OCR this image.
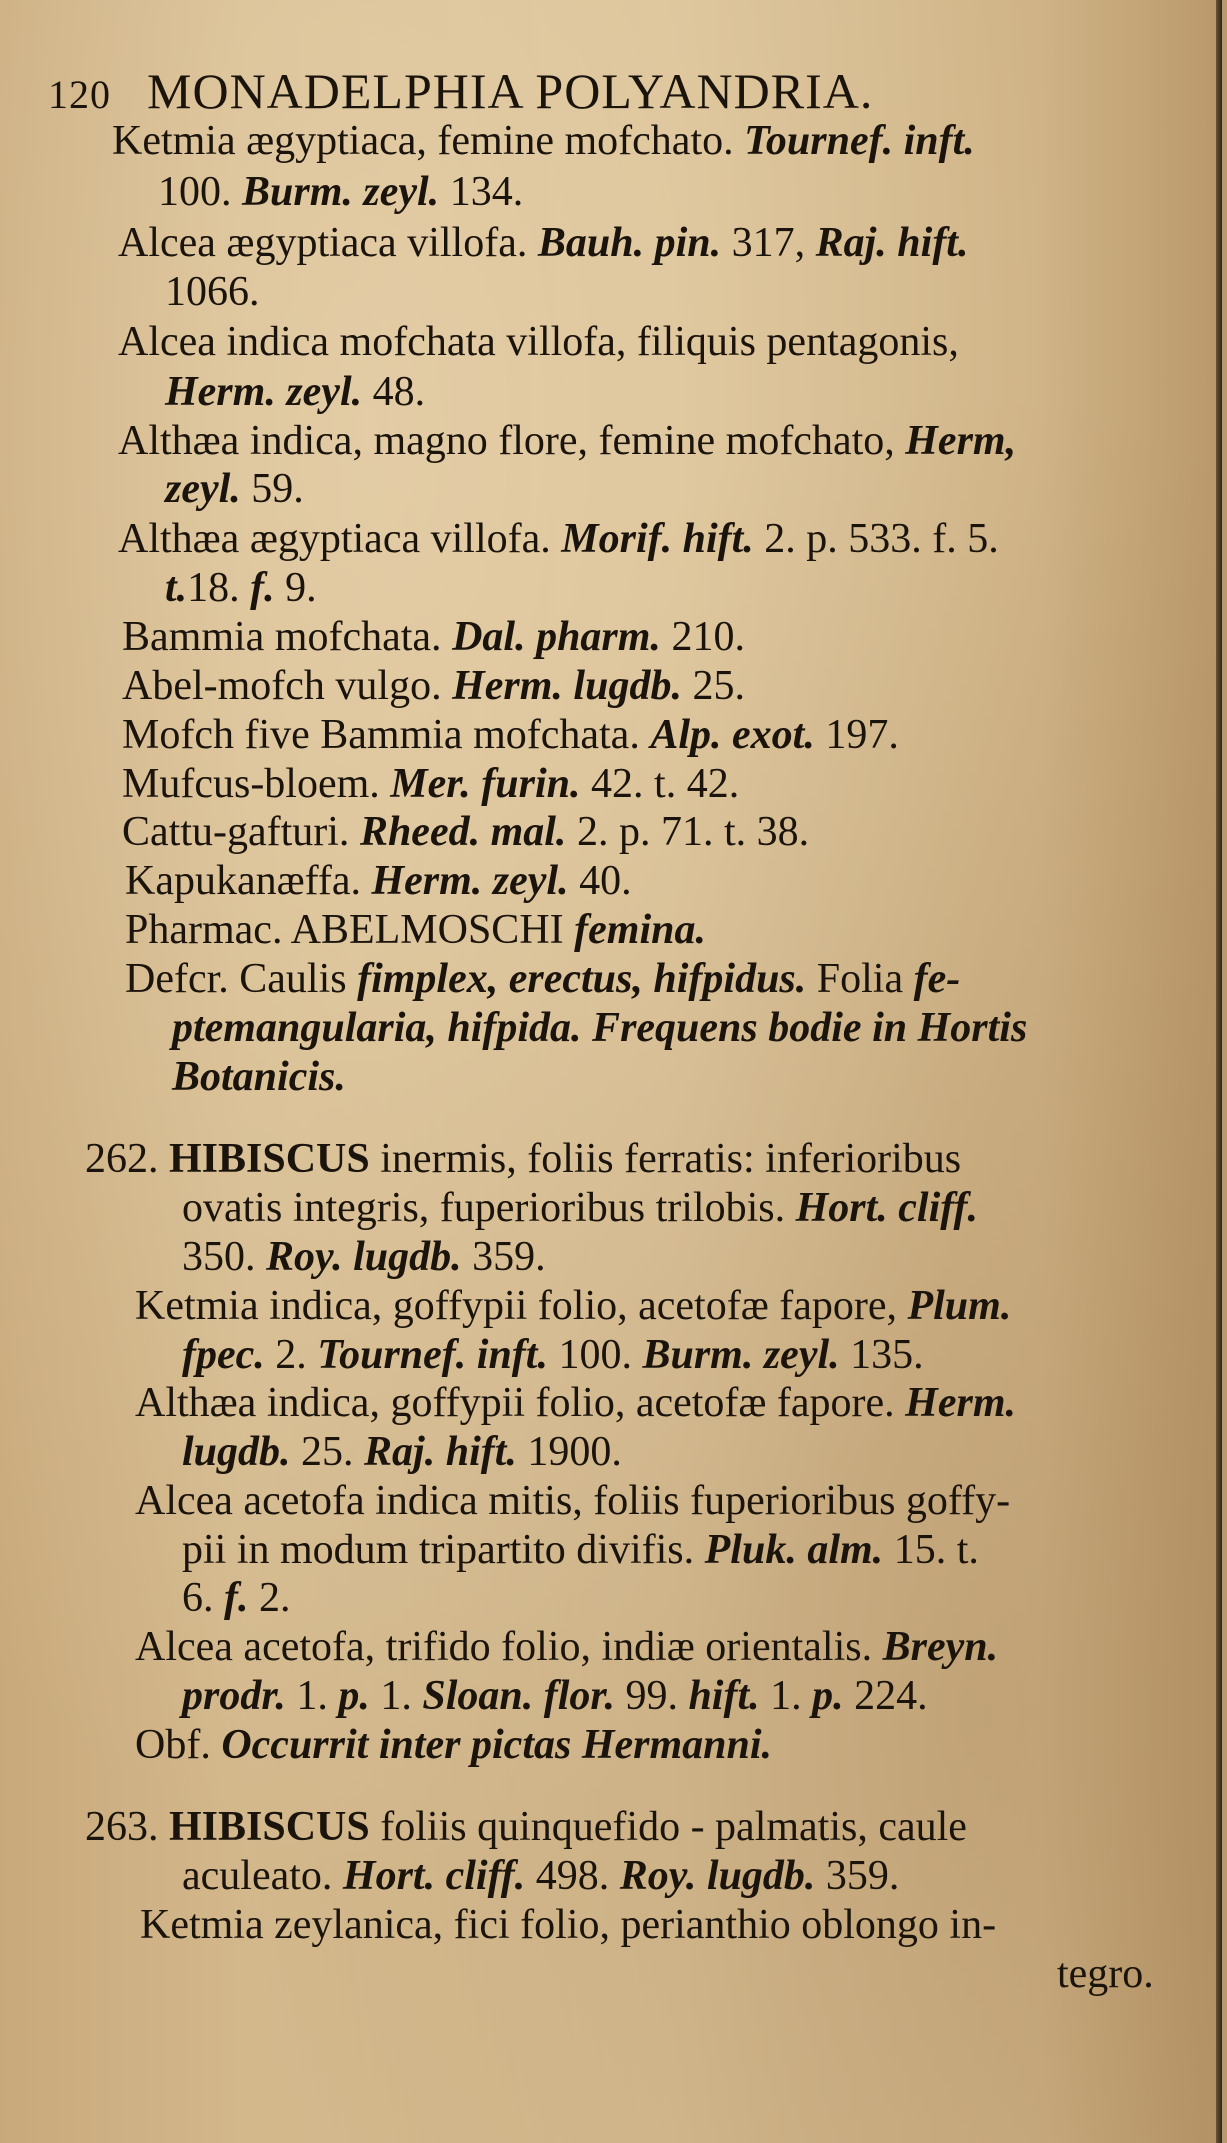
120 MONADELPHIA POLYANDRIA.
Ketmia ægyptiaca, femine mofchato. Tournef. inft.
100. Burm. zeyl. 134.
Alcea ægyptiaca villofa. Bauh. pin. 317, Raj. hift.
1066.
Alcea indica mofchata villofa, filiquis pentagonis,
Herm. zeyl. 48.
Althæa indica, magno flore, femine mofchato, Herm,
zeyl. 59.
Althæa ægyptiaca villofa. Morif. hift. 2. p. 533. f. 5.
t.18. f. 9.
Bammia mofchata. Dal. pharm. 210.
Abel-mofch vulgo. Herm. lugdb. 25.
Mofch five Bammia mofchata. Alp. exot. 197.
Mufcus-bloem. Mer. furin. 42. t. 42.
Cattu-gafturi. Rheed. mal. 2. p. 71. t. 38.
Kapukanæffa. Herm. zeyl. 40.
Pharmac. ABELMOSCHI femina.
Defcr. Caulis fimplex, erectus, hifpidus. Folia fe-
ptemangularia, hifpida. Frequens bodie in Hortis
Botanicis.
262. HIBISCUS inermis, foliis ferratis: inferioribus
ovatis integris, fuperioribus trilobis. Hort. cliff.
350. Roy. lugdb. 359.
Ketmia indica, goffypii folio, acetofæ fapore, Plum.
fpec. 2. Tournef. inft. 100. Burm. zeyl. 135.
Althæa indica, goffypii folio, acetofæ fapore. Herm.
lugdb. 25. Raj. hift. 1900.
Alcea acetofa indica mitis, foliis fuperioribus goffy-
pii in modum tripartito divifis. Pluk. alm. 15. t.
6. f. 2.
Alcea acetofa, trifido folio, indiæ orientalis. Breyn.
prodr. 1. p. 1. Sloan. flor. 99. hift. 1. p. 224.
Obf. Occurrit inter pictas Hermanni.
263. HIBISCUS foliis quinquefido - palmatis, caule
aculeato. Hort. cliff. 498. Roy. lugdb. 359.
Ketmia zeylanica, fici folio, perianthio oblongo in-
tegro.
